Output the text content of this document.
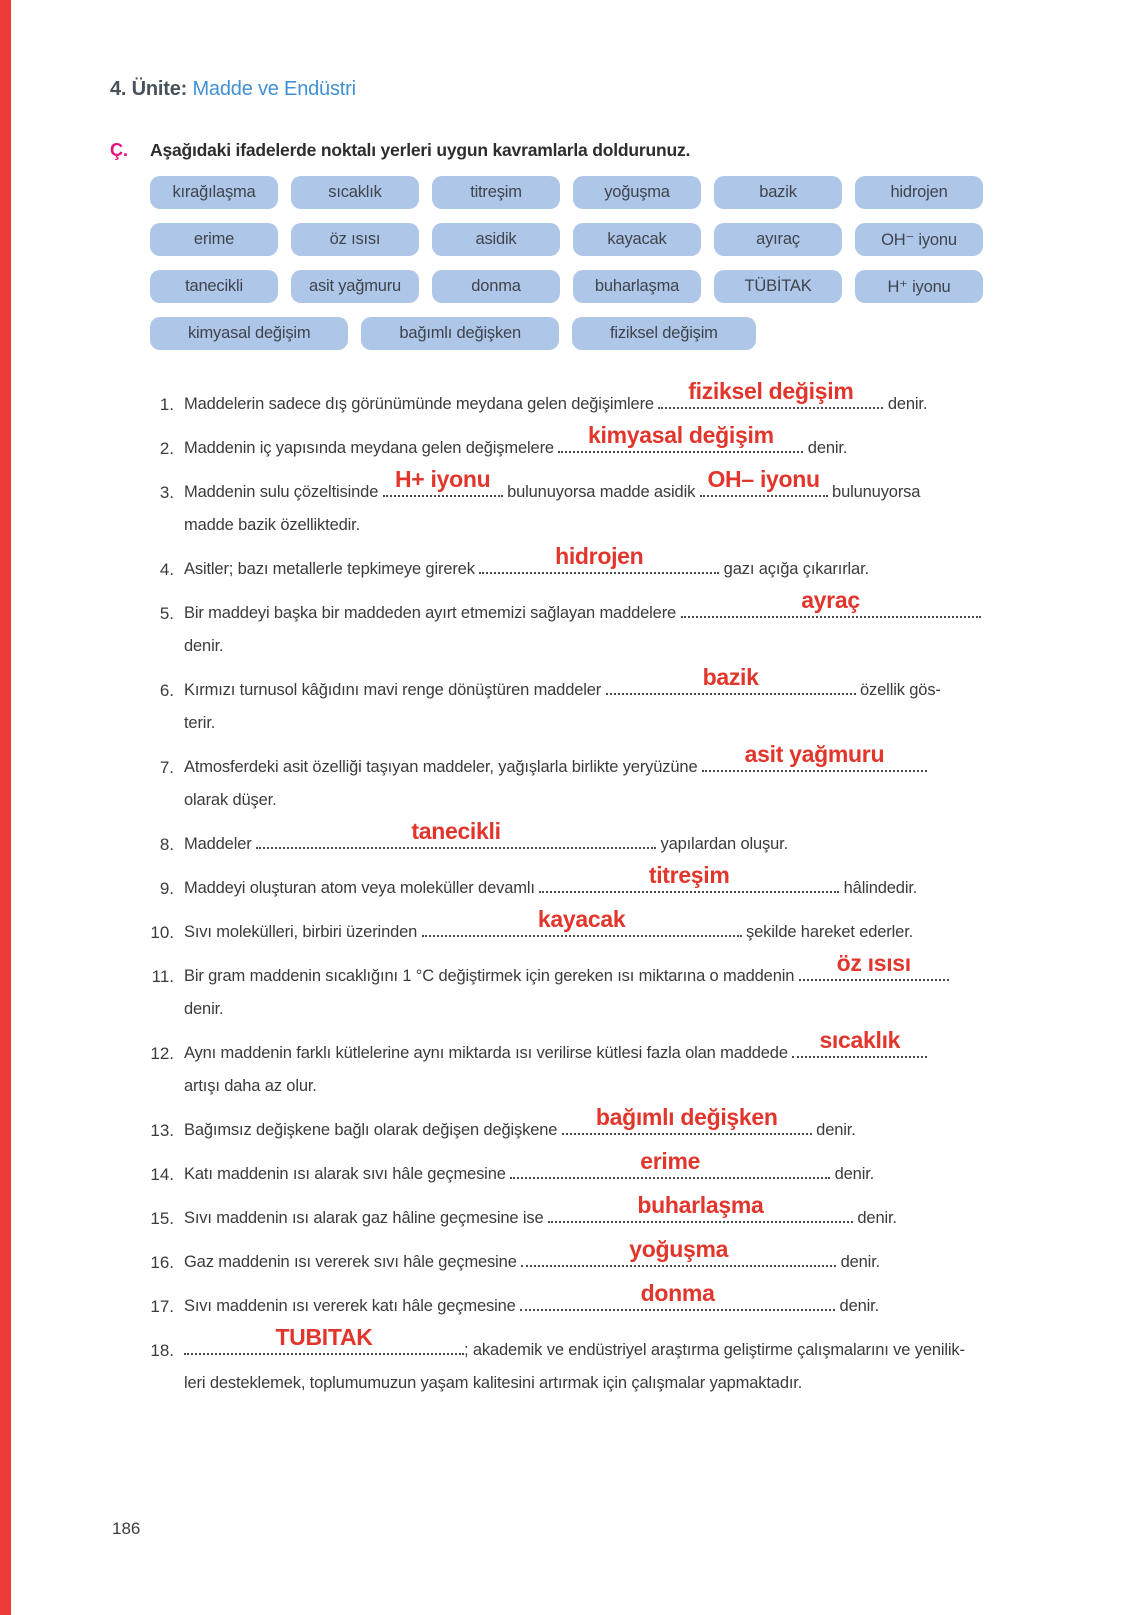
4. Ünite: Madde ve Endüstri
Ç.	Aşağıdaki ifadelerde noktalı yerleri uygun kavramlarla doldurunuz.
kırağılaşma	sıcaklık	titreşim	yoğuşma	bazik	hidrojen
erime	öz ısısı	asidik	kayacak	ayıraç	OH⁻ iyonu
tanecikli	asit yağmuru	donma	buharlaşma	TÜBİTAK	H⁺ iyonu
kimyasal değişim	bağımlı değişken	fiziksel değişim
1. Maddelerin sadece dış görünümünde meydana gelen değişimlere fiziksel değişim denir.
2. Maddenin iç yapısında meydana gelen değişmelere kimyasal değişim denir.
3. Maddenin sulu çözeltisinde H+ iyonu bulunuyorsa madde asidik OH– iyonu bulunuyorsa
madde bazik özelliktedir.
4. Asitler; bazı metallerle tepkimeye girerek	hidrojen	gazı açığa çıkarırlar.
5. Bir maddeyi başka bir maddeden ayırt etmemizi sağlayan maddelere	ayraç

denir.
6. Kırmızı turnusol kâğıdını mavi renge dönüştüren maddeler	bazik	özellik gös-
terir.
7. Atmosferdeki asit özelliği taşıyan maddeler, yağışlarla birlikte yeryüzüne asit yağmuru

olarak düşer.
8. Maddeler	tanecikli	yapılardan oluşur.
9. Maddeyi oluşturan atom veya moleküller devamlı	titreşim	hâlindedir.
10. Sıvı molekülleri, birbiri üzerinden	kayacak	şekilde hareket ederler.
11. Bir gram maddenin sıcaklığını 1 °C değiştirmek için gereken ısı miktarına o maddenin öz ısısı

denir.
12. Aynı maddenin farklı kütlelerine aynı miktarda ısı verilirse kütlesi fazla olan maddede sıcaklık

artışı daha az olur.
13. Bağımsız değişkene bağlı olarak değişen değişkene bağımlı değişken denir.
14. Katı maddenin ısı alarak sıvı hâle geçmesine	erime	denir.
15. Sıvı maddenin ısı alarak gaz hâline geçmesine ise	buharlaşma	denir.
16. Gaz maddenin ısı vererek sıvı hâle geçmesine	yoğuşma	denir.
17. Sıvı maddenin ısı vererek katı hâle geçmesine	donma	denir.
18.
TUBITAK	; akademik ve endüstriyel araştırma geliştirme çalışmalarını ve yenilik-
leri desteklemek, toplumumuzun yaşam kalitesini artırmak için çalışmalar yapmaktadır.
186
